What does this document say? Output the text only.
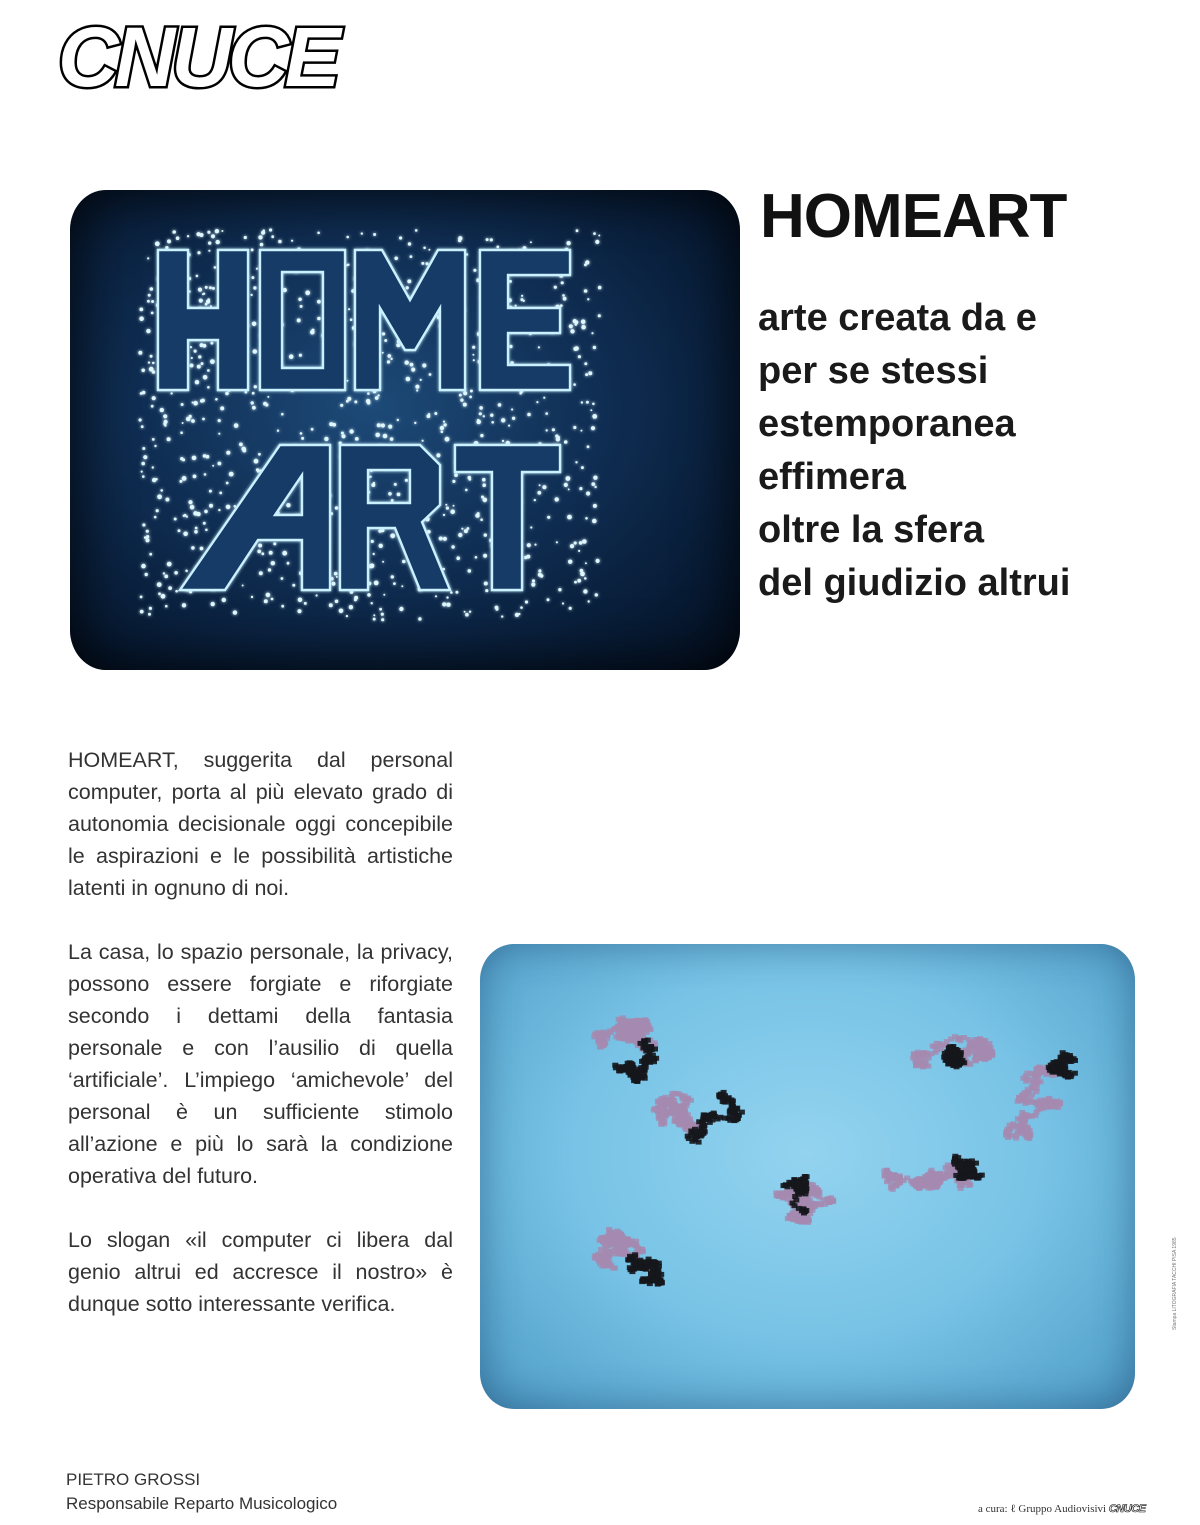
CNUCE
HOMEART
arte creata da e
per se stessi
estemporanea
effimera
oltre la sfera
del giudizio altrui

HOMEART, suggerita dal personal computer, porta al più elevato grado di autonomia decisionale oggi concepibile le aspirazioni e le possibilità artistiche latenti in ognuno di noi.

La casa, lo spazio personale, la privacy, possono essere forgiate e riforgiate secondo i dettami della fantasia personale e con l’ausilio di quella ‘artificiale’. L’impiego ‘amichevole’ del personal è un sufficiente stimolo all’azione e più lo sarà la condizione operativa del futuro.

Lo slogan «il computer ci libera dal genio altrui ed accresce il nostro» è dunque sotto interessante verifica.

PIETRO GROSSI
Responsabile Reparto Musicologico
Stampa LITOGRAFIA TACCHI PISA 1985
a cura: ℓ Gruppo Audiovisivi CNUCE
